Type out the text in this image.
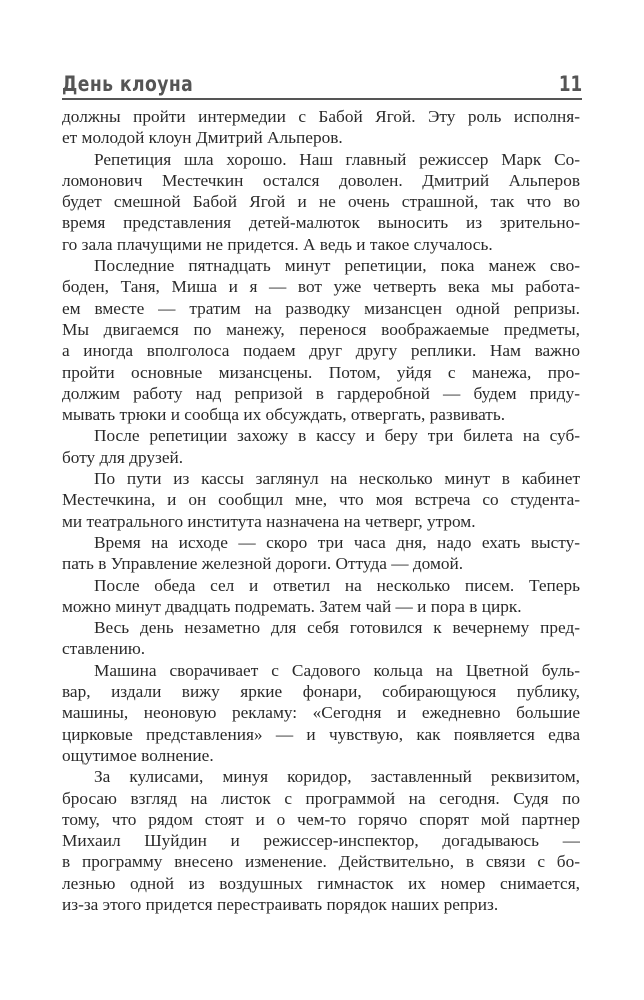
День клоуна	11
должны пройти интермедии с Бабой Ягой. Эту роль исполня-
ет молодой клоун Дмитрий Альперов.
Репетиция шла хорошо. Наш главный режиссер Марк Со-
ломонович Местечкин остался доволен. Дмитрий Альперов
будет смешной Бабой Ягой и не очень страшной, так что во
время представления детей-малюток выносить из зрительно-
го зала плачущими не придется. А ведь и такое случалось.
Последние пятнадцать минут репетиции, пока манеж сво-
боден, Таня, Миша и я — вот уже четверть века мы работа-
ем вместе — тратим на разводку мизансцен одной репризы.
Мы двигаемся по манежу, перенося воображаемые предметы,
а иногда вполголоса подаем друг другу реплики. Нам важно
пройти основные мизансцены. Потом, уйдя с манежа, про-
должим работу над репризой в гардеробной — будем приду-
мывать трюки и сообща их обсуждать, отвергать, развивать.
После репетиции захожу в кассу и беру три билета на суб-
боту для друзей.
По пути из кассы заглянул на несколько минут в кабинет
Местечкина, и он сообщил мне, что моя встреча со студента-
ми театрального института назначена на четверг, утром.
Время на исходе — скоро три часа дня, надо ехать высту-
пать в Управление железной дороги. Оттуда — домой.
После обеда сел и ответил на несколько писем. Теперь
можно минут двадцать подремать. Затем чай — и пора в цирк.
Весь день незаметно для себя готовился к вечернему пред-
ставлению.
Машина сворачивает с Садового кольца на Цветной буль-
вар, издали вижу яркие фонари, собирающуюся публику,
машины, неоновую рекламу: «Сегодня и ежедневно большие
цирковые представления» — и чувствую, как появляется едва
ощутимое волнение.
За кулисами, минуя коридор, заставленный реквизитом,
бросаю взгляд на листок с программой на сегодня. Судя по
тому, что рядом стоят и о чем-то горячо спорят мой партнер
Михаил Шуйдин и режиссер-инспектор, догадываюсь —
в программу внесено изменение. Действительно, в связи с бо-
лезнью одной из воздушных гимнасток их номер снимается,
из-за этого придется перестраивать порядок наших реприз.
